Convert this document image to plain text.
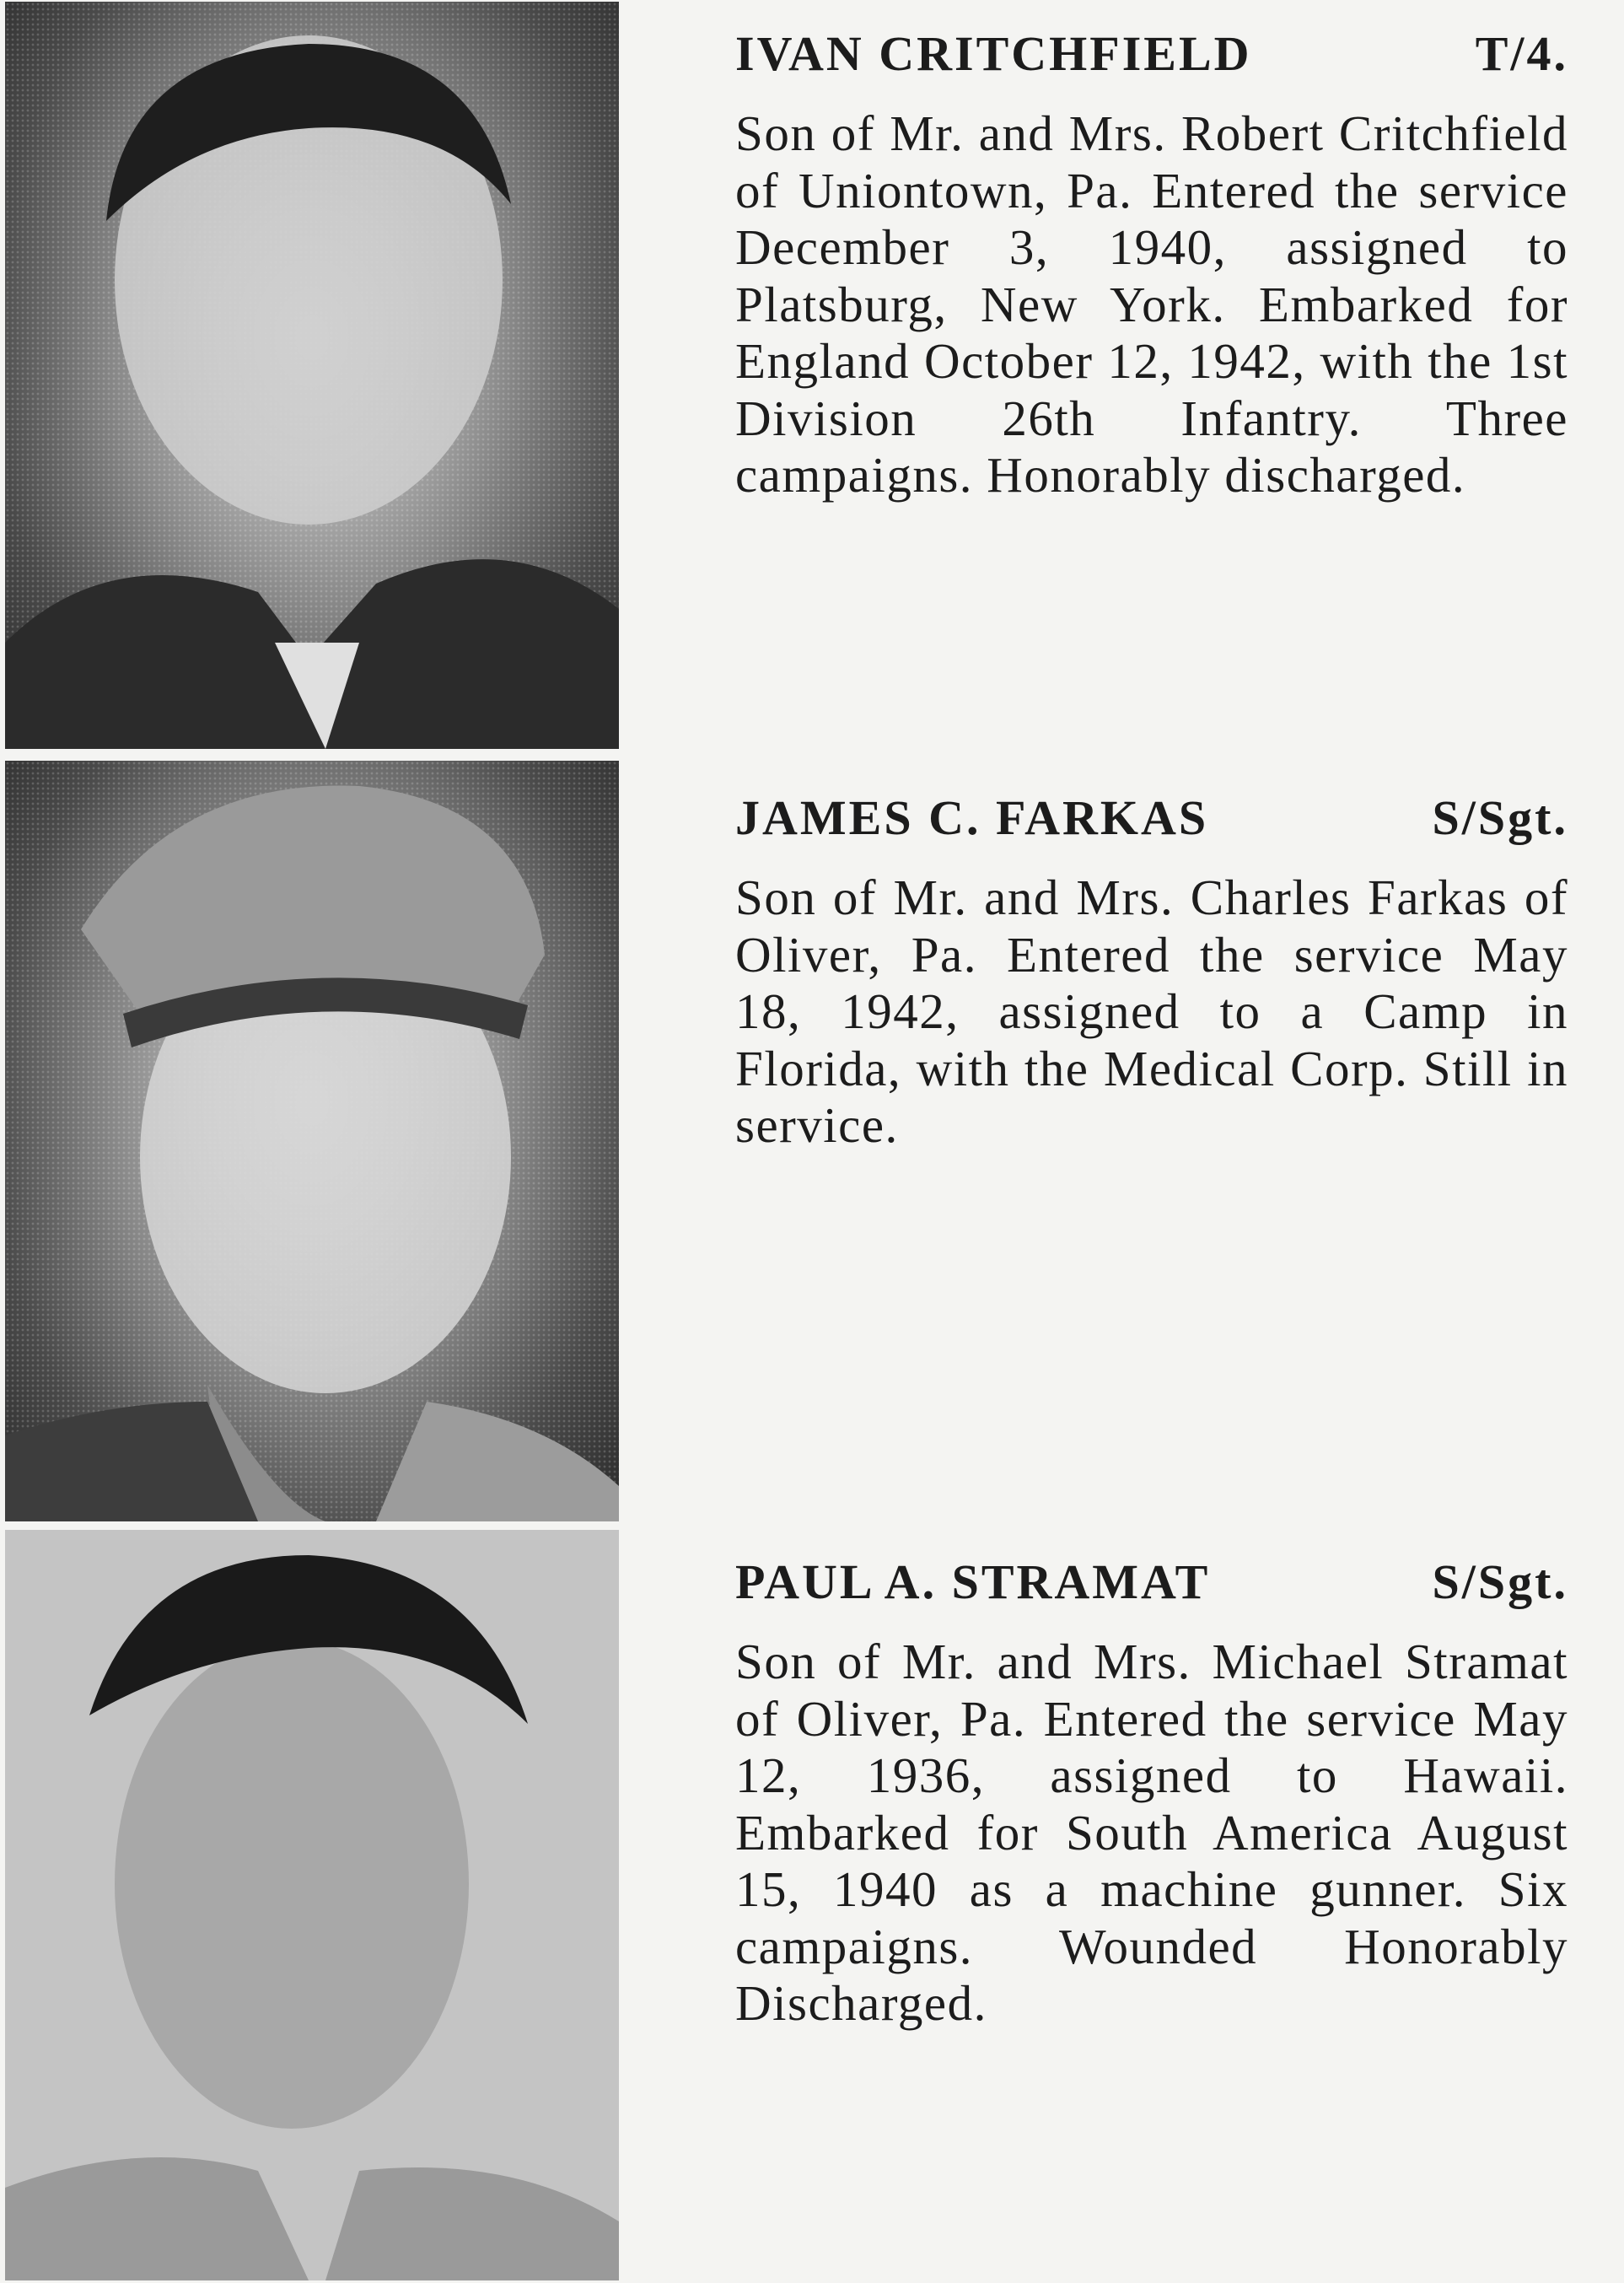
IVAN CRITCHFIELD	T/4.

Son of Mr. and Mrs. Robert Critchfield of Uniontown, Pa. Entered the service December 3, 1940, assigned to Platsburg, New York. Embarked for England October 12, 1942, with the 1st Division 26th Infantry. Three campaigns. Honorably discharged.

JAMES C. FARKAS	S/Sgt.

Son of Mr. and Mrs. Charles Farkas of Oliver, Pa. Entered the service May 18, 1942, assigned to a Camp in Florida, with the Medical Corp. Still in service.

PAUL A. STRAMAT	S/Sgt.

Son of Mr. and Mrs. Michael Stramat of Oliver, Pa. Entered the service May 12, 1936, assigned to Hawaii. Embarked for South America August 15, 1940 as a machine gunner. Six campaigns. Wounded Honorably Discharged.
